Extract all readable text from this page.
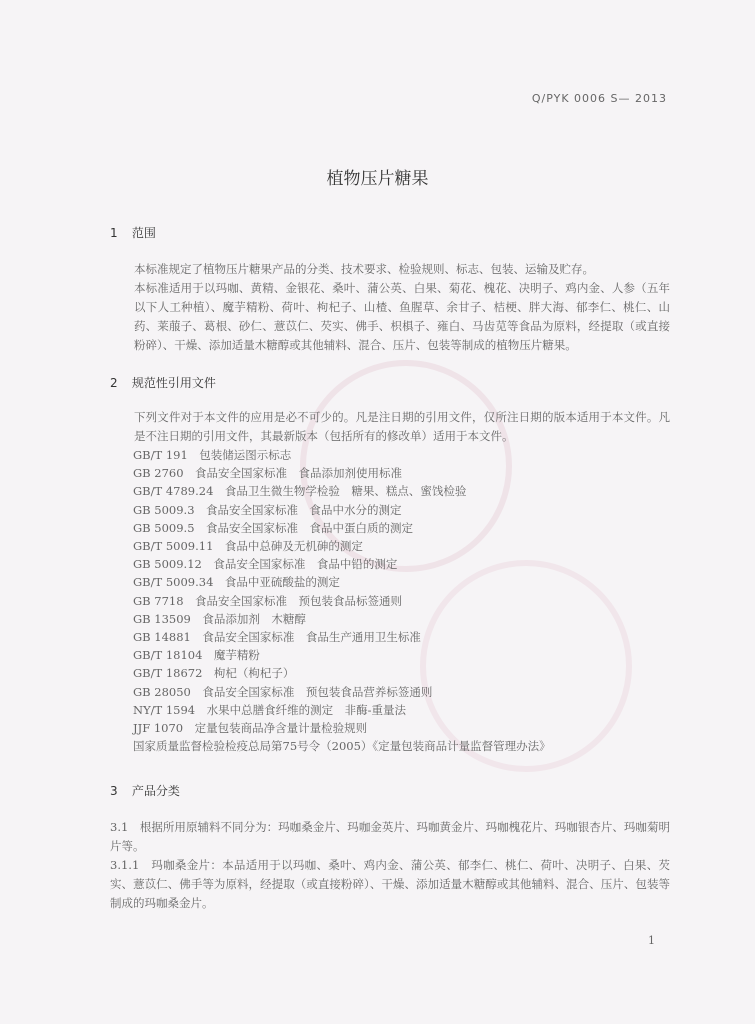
Q/PYK 0006 S— 2013
植物压片糖果
1 范围
本标准规定了植物压片糖果产品的分类、技术要求、检验规则、标志、包装、运输及贮存。
本标准适用于以玛咖、黄精、金银花、桑叶、蒲公英、白果、菊花、槐花、决明子、鸡内金、人参（五年以下人工种植）、魔芋精粉、荷叶、枸杞子、山楂、鱼腥草、余甘子、桔梗、胖大海、郁李仁、桃仁、山药、莱菔子、葛根、砂仁、薏苡仁、芡实、佛手、枳椇子、雍白、马齿苋等食品为原料，经提取（或直接粉碎）、干燥、添加适量木糖醇或其他辅料、混合、压片、包装等制成的植物压片糖果。
2 规范性引用文件
下列文件对于本文件的应用是必不可少的。凡是注日期的引用文件，仅所注日期的版本适用于本文件。凡是不注日期的引用文件，其最新版本（包括所有的修改单）适用于本文件。
GB/T 191　包装储运图示标志
GB 2760　食品安全国家标准　食品添加剂使用标准
GB/T 4789.24　食品卫生微生物学检验　糖果、糕点、蜜饯检验
GB 5009.3　食品安全国家标准　食品中水分的测定
GB 5009.5　食品安全国家标准　食品中蛋白质的测定
GB/T 5009.11　食品中总砷及无机砷的测定
GB 5009.12　食品安全国家标准　食品中铅的测定
GB/T 5009.34　食品中亚硫酸盐的测定
GB 7718　食品安全国家标准　预包装食品标签通则
GB 13509　食品添加剂　木糖醇
GB 14881　食品安全国家标准　食品生产通用卫生标准
GB/T 18104　魔芋精粉
GB/T 18672　枸杞（枸杞子）
GB 28050　食品安全国家标准　预包装食品营养标签通则
NY/T 1594　水果中总膳食纤维的测定　非酶-重量法
JJF 1070　定量包装商品净含量计量检验规则
国家质量监督检验检疫总局第75号令（2005）《定量包装商品计量监督管理办法》
3 产品分类
3.1　根据所用原辅料不同分为：玛咖桑金片、玛咖金英片、玛咖黄金片、玛咖槐花片、玛咖银杏片、玛咖菊明片等。
3.1.1　玛咖桑金片：本品适用于以玛咖、桑叶、鸡内金、蒲公英、郁李仁、桃仁、荷叶、决明子、白果、芡实、薏苡仁、佛手等为原料，经提取（或直接粉碎）、干燥、添加适量木糖醇或其他辅料、混合、压片、包装等制成的玛咖桑金片。
1
